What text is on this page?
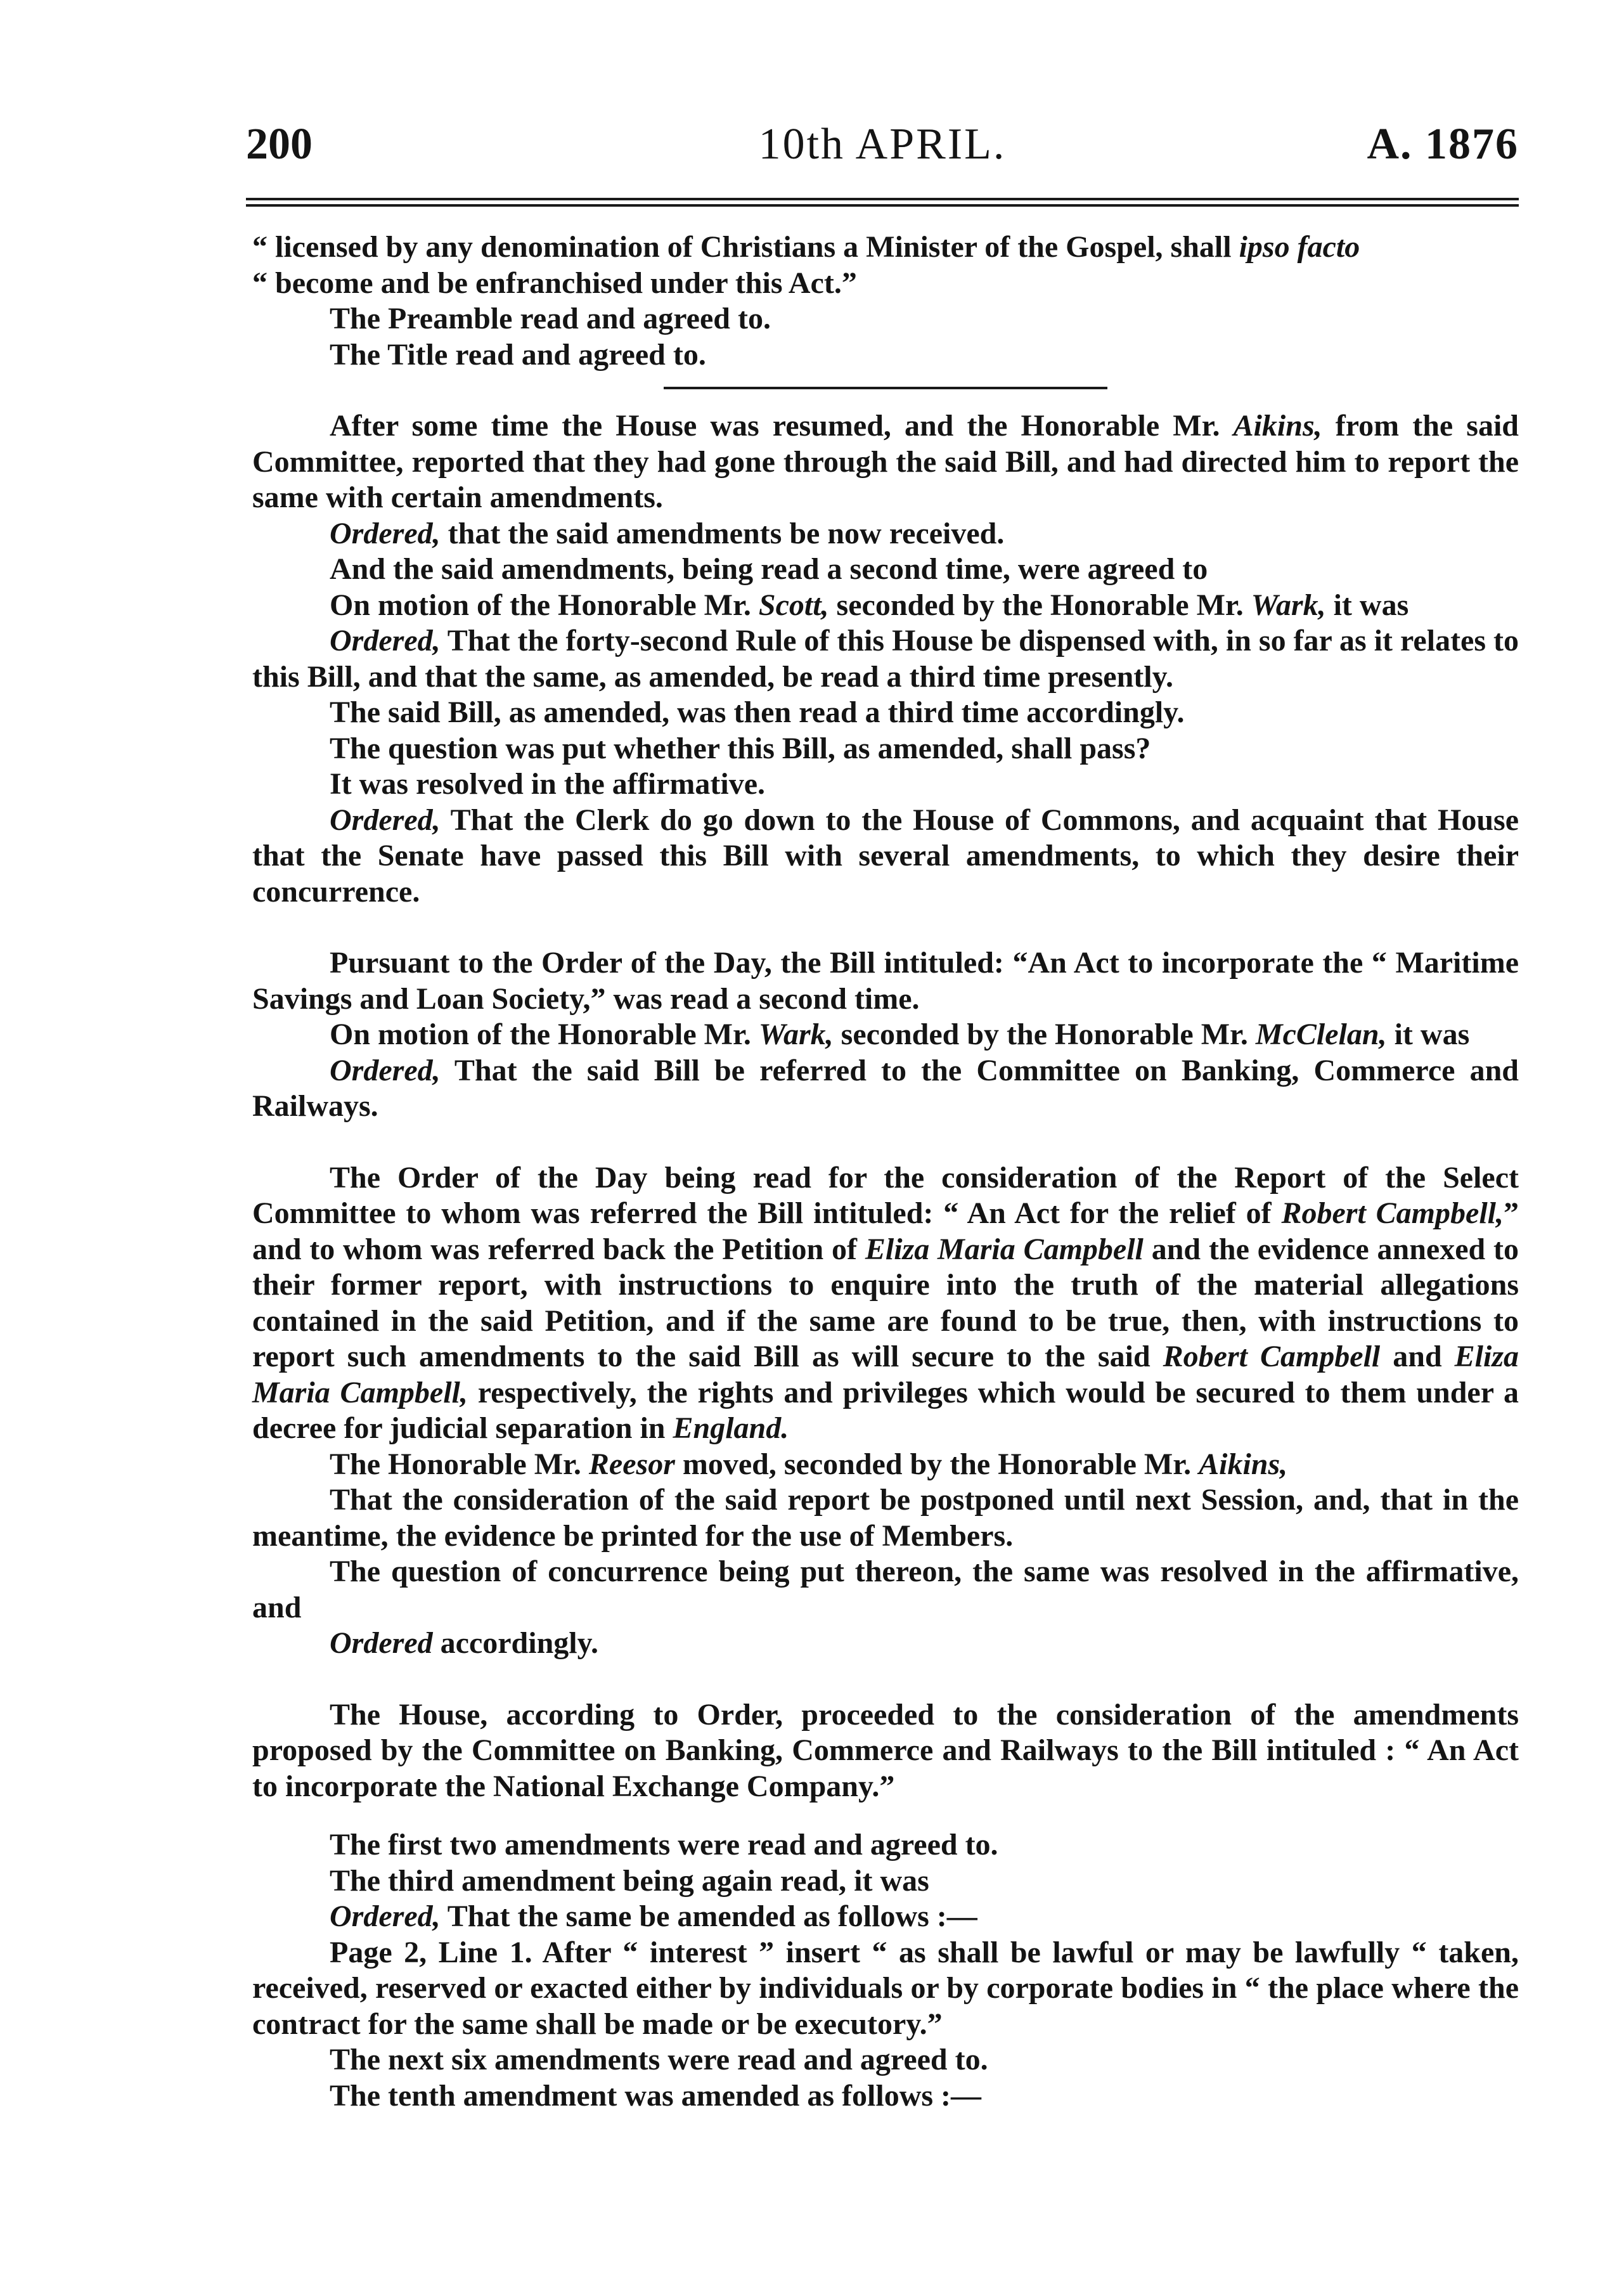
200	10th APRIL.	A. 1876

“ licensed by any denomination of Christians a Minister of the Gospel, shall ipso facto
“ become and be enfranchised under this Act.”

The Preamble read and agreed to.

The Title read and agreed to.

After some time the House was resumed, and the Honorable Mr. Aikins, from the said Committee, reported that they had gone through the said Bill, and had directed him to report the same with certain amendments.

Ordered, that the said amendments be now received.

And the said amendments, being read a second time, were agreed to

On motion of the Honorable Mr. Scott, seconded by the Honorable Mr. Wark, it was

Ordered, That the forty-second Rule of this House be dispensed with, in so far as it relates to this Bill, and that the same, as amended, be read a third time presently.

The said Bill, as amended, was then read a third time accordingly.

The question was put whether this Bill, as amended, shall pass?

It was resolved in the affirmative.

Ordered, That the Clerk do go down to the House of Commons, and acquaint that House that the Senate have passed this Bill with several amendments, to which they desire their concurrence.

Pursuant to the Order of the Day, the Bill intituled: “An Act to incorporate the “ Maritime Savings and Loan Society,” was read a second time.

On motion of the Honorable Mr. Wark, seconded by the Honorable Mr. McClelan, it was

Ordered, That the said Bill be referred to the Committee on Banking, Commerce and Railways.

The Order of the Day being read for the consideration of the Report of the Select Committee to whom was referred the Bill intituled: “ An Act for the relief of Robert Campbell,” and to whom was referred back the Petition of Eliza Maria Campbell and the evidence annexed to their former report, with instructions to enquire into the truth of the material allegations contained in the said Petition, and if the same are found to be true, then, with instructions to report such amendments to the said Bill as will secure to the said Robert Campbell and Eliza Maria Campbell, respectively, the rights and privileges which would be secured to them under a decree for judicial separation in England.

The Honorable Mr. Reesor moved, seconded by the Honorable Mr. Aikins,

That the consideration of the said report be postponed until next Session, and, that in the meantime, the evidence be printed for the use of Members.

The question of concurrence being put thereon, the same was resolved in the affirmative, and

Ordered accordingly.

The House, according to Order, proceeded to the consideration of the amendments proposed by the Committee on Banking, Commerce and Railways to the Bill intituled : “ An Act to incorporate the National Exchange Company.”

The first two amendments were read and agreed to.

The third amendment being again read, it was

Ordered, That the same be amended as follows :—

Page 2, Line 1. After “ interest ” insert “ as shall be lawful or may be lawfully “ taken, received, reserved or exacted either by individuals or by corporate bodies in “ the place where the contract for the same shall be made or be executory.”

The next six amendments were read and agreed to.

The tenth amendment was amended as follows :—
